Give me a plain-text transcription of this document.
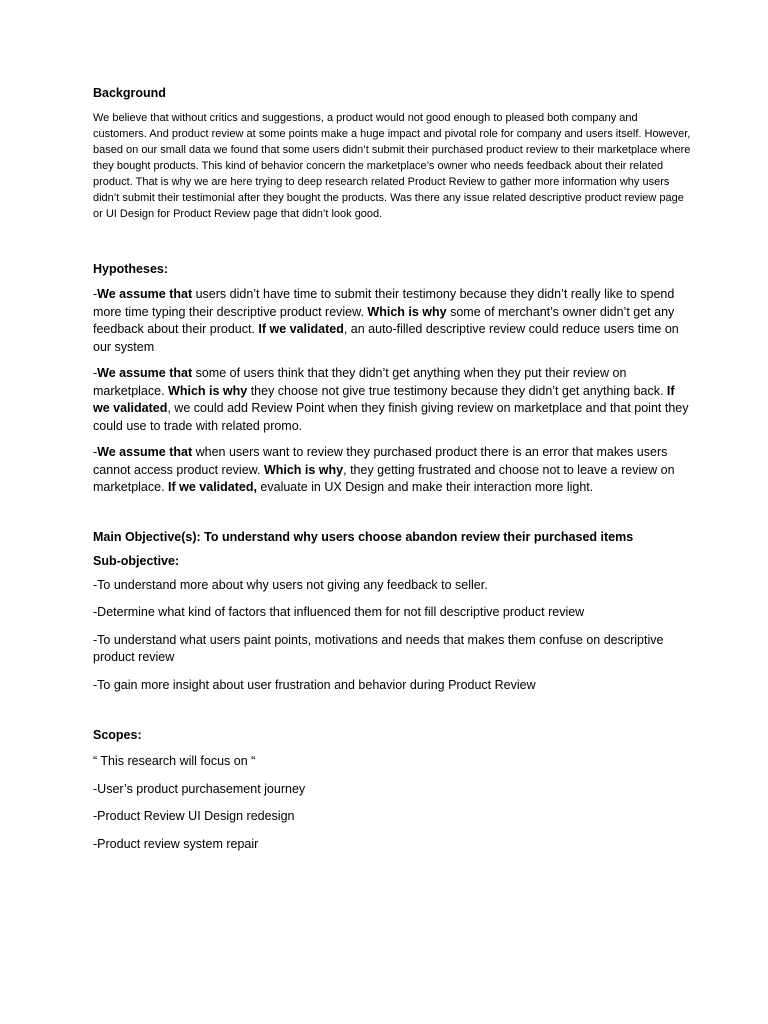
Background

We believe that without critics and suggestions, a product would not good enough to pleased both company and customers. And product review at some points make a huge impact and pivotal role for company and users itself. However, based on our small data we found that some users didn’t submit their purchased product review to their marketplace where they bought products. This kind of behavior concern the marketplace’s owner who needs feedback about their related product. That is why we are here trying to deep research related Product Review to gather more information why users didn’t submit their testimonial after they bought the products. Was there any issue related descriptive product review page or UI Design for Product Review page that didn’t look good.

Hypotheses:

-We assume that users didn’t have time to submit their testimony because they didn’t really like to spend more time typing their descriptive product review. Which is why some of merchant’s owner didn’t get any feedback about their product. If we validated, an auto-filled descriptive review could reduce users time on our system

-We assume that some of users think that they didn’t get anything when they put their review on marketplace. Which is why they choose not give true testimony because they didn’t get anything back. If we validated, we could add Review Point when they finish giving review on marketplace and that point they could use to trade with related promo.

-We assume that when users want to review they purchased product there is an error that makes users cannot access product review. Which is why, they getting frustrated and choose not to leave a review on marketplace. If we validated, evaluate in UX Design and make their interaction more light.

Main Objective(s): To understand why users choose abandon review their purchased items
Sub-objective:

-To understand more about why users not giving any feedback to seller.

-Determine what kind of factors that influenced them for not fill descriptive product review

-To understand what users paint points, motivations and needs that makes them confuse on descriptive product review

-To gain more insight about user frustration and behavior during Product Review

Scopes:

“ This research will focus on “

-User’s product purchasement journey

-Product Review UI Design redesign

-Product review system repair
